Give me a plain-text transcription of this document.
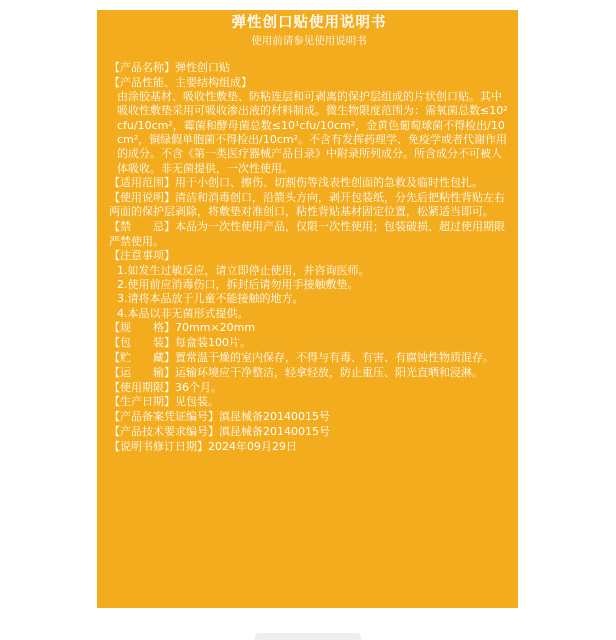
弹性创口贴使用说明书
使用前请参见使用说明书
【产品名称】弹性创口贴
【产品性能、主要结构组成】
由涂胶基材、吸收性敷垫、防粘连层和可剥离的保护层组成的片状创口贴。其中吸收性敷垫采用可吸收渗出液的材料制成。微生物限度范围为：需氧菌总数≤10²cfu/10cm²，霉菌和酵母菌总数≤10¹cfu/10cm²，金黄色葡萄球菌不得检出/10cm²，铜绿假单胞菌不得检出/10cm²。不含有发挥药理学、免疫学或者代谢作用的成分。不含《第一类医疗器械产品目录》中附录所列成分。所含成分不可被人体吸收。非无菌提供，一次性使用。
【适用范围】用于小创口、擦伤、切割伤等浅表性创面的急救及临时性包扎。
【使用说明】清洁和消毒创口，沿箭头方向，剥开包装纸，分先后把粘性背贴左右两面的保护层剥除，将敷垫对准创口，粘性背贴基材固定位置，松紧适当即可。
【禁　　忌】本品为一次性使用产品，仅限一次性使用；包装破损、超过使用期限严禁使用。
【注意事项】
1.如发生过敏反应，请立即停止使用，并咨询医师。
2.使用前应消毒伤口，拆封后请勿用手接触敷垫。
3.请将本品放于儿童不能接触的地方。
4.本品以非无菌形式提供。
【规　　格】70mm×20mm
【包　　装】每盒装100片。
【贮　　藏】置常温干燥的室内保存，不得与有毒、有害、有腐蚀性物质混存。
【运　　输】运输环境应干净整洁，轻拿轻放，防止重压、阳光直晒和浸淋。
【使用期限】36个月。
【生产日期】见包装。
【产品备案凭证编号】滇昆械备20140015号
【产品技术要求编号】滇昆械备20140015号
【说明书修订日期】2024年09月29日
